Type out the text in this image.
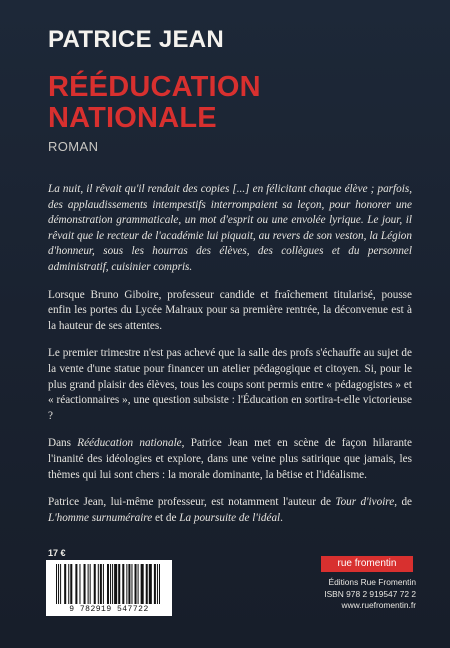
PATRICE JEAN
RÉÉDUCATION
NATIONALE
ROMAN

La nuit, il rêvait qu'il rendait des copies [...] en félicitant chaque élève ; parfois, des applaudissements intempestifs interrompaient sa leçon, pour honorer une démonstration grammaticale, un mot d'esprit ou une envolée lyrique. Le jour, il rêvait que le recteur de l'académie lui piquait, au revers de son veston, la Légion d'honneur, sous les hourras des élèves, des collègues et du personnel administratif, cuisinier compris.

Lorsque Bruno Giboire, professeur candide et fraîchement titularisé, pousse enfin les portes du Lycée Malraux pour sa première rentrée, la déconvenue est à la hauteur de ses attentes.

Le premier trimestre n'est pas achevé que la salle des profs s'échauffe au sujet de la vente d'une statue pour financer un atelier pédagogique et citoyen. Si, pour le plus grand plaisir des élèves, tous les coups sont permis entre « pédagogistes » et « réactionnaires », une question subsiste : l'Éducation en sortira-t-elle victorieuse ?

Dans Rééducation nationale, Patrice Jean met en scène de façon hilarante l'inanité des idéologies et explore, dans une veine plus satirique que jamais, les thèmes qui lui sont chers : la morale dominante, la bêtise et l'idéalisme.

Patrice Jean, lui-même professeur, est notamment l'auteur de Tour d'ivoire, de L'homme surnuméraire et de La poursuite de l'idéal.

17 €
9 782919 547722
rue fromentin
Éditions Rue Fromentin
ISBN 978 2 919547 72 2
www.ruefromentin.fr
